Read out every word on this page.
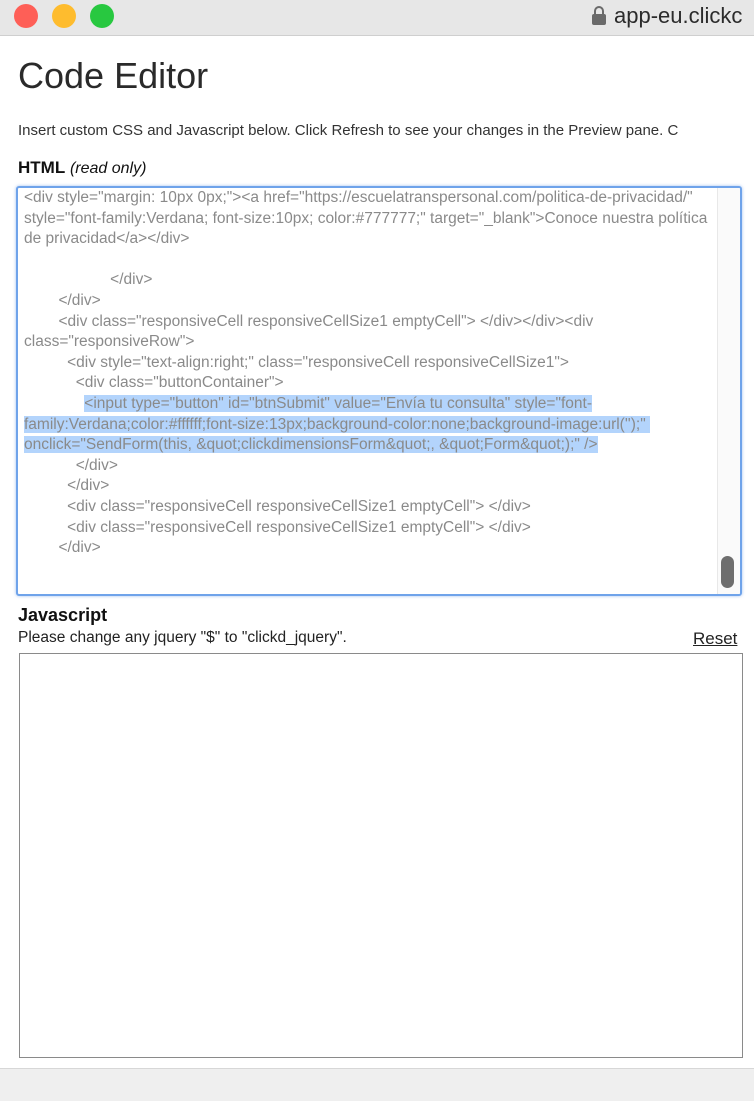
app-eu.clickc
Code Editor
Insert custom CSS and Javascript below. Click Refresh to see your changes in the Preview pane. C
HTML (read only)
<div style="margin: 10px 0px;"><a href="https://escuelatranspersonal.com/politica-de-privacidad/" style="font-family:Verdana; font-size:10px; color:#777777;" target="_blank">Conoce nuestra política de privacidad</a></div>

</div>
</div>
<div class="responsiveCell responsiveCellSize1 emptyCell"> </div></div><div class="responsiveRow">
<div style="text-align:right;" class="responsiveCell responsiveCellSize1">
<div class="buttonContainer">
<input type="button" id="btnSubmit" value="Envía tu consulta" style="font-family:Verdana;color:#ffffff;font-size:13px;background-color:none;background-image:url('');" onclick="SendForm(this, &quot;clickdimensionsForm&quot;, &quot;Form&quot;);" />
</div>
</div>
<div class="responsiveCell responsiveCellSize1 emptyCell"> </div>
<div class="responsiveCell responsiveCellSize1 emptyCell"> </div>
</div>
Javascript
Please change any jquery "$" to "clickd_jquery".	Reset
